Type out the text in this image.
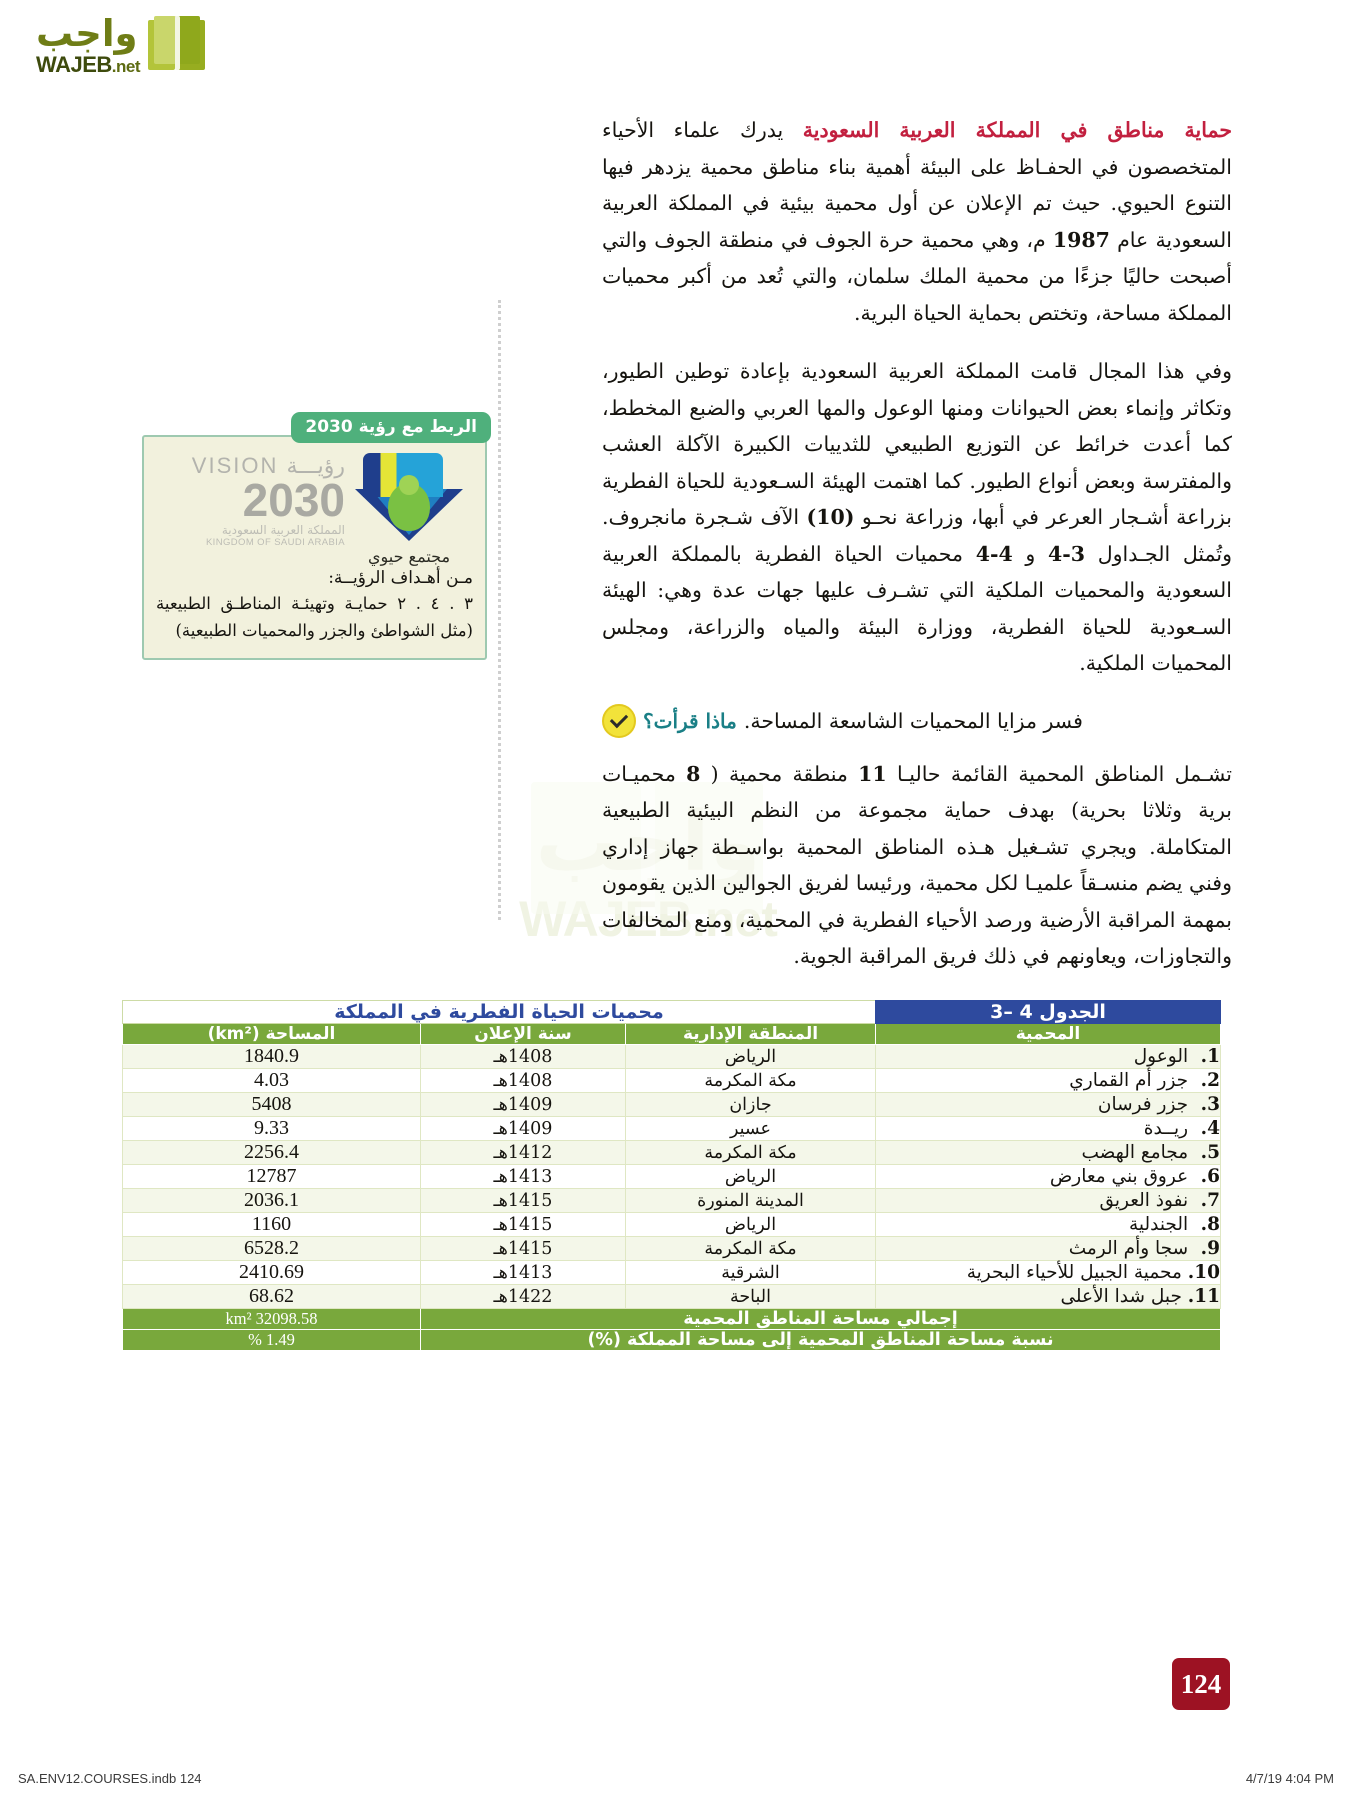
واجب
WAJEB.net
واجب
WAJEB.net

حماية مناطق في المملكة العربية السعودية يدرك علماء الأحياء المتخصصون في الحفـاظ على البيئة أهمية بناء مناطق محمية يزدهر فيها التنوع الحيوي. حيث تم الإعلان عن أول محمية بيئية في المملكة العربية السعودية عام 1987 م، وهي محمية حرة الجوف في منطقة الجوف والتي أصبحت حاليًا جزءًا من محمية الملك سلمان، والتي تُعد من أكبر محميات المملكة مساحة، وتختص بحماية الحياة البرية.

وفي هذا المجال قامت المملكة العربية السعودية بإعادة توطين الطيور، وتكاثر وإنماء بعض الحيوانات ومنها الوعول والمها العربي والضبع المخطط، كما أعدت خرائط عن التوزيع الطبيعي للثدييات الكبيرة الآكلة العشب والمفترسة وبعض أنواع الطيور. كما اهتمت الهيئة السـعودية للحياة الفطرية بزراعة أشـجار العرعر في أبها، وزراعة نحـو (10) الآف شـجرة مانجروف. وتُمثل الجـداول 3-4 و 4-4 محميات الحياة الفطرية بالمملكة العربية السعودية والمحميات الملكية التي تشـرف عليها جهات عدة وهي: الهيئة السـعودية للحياة الفطرية، ووزارة البيئة والمياه والزراعة، ومجلس المحميات الملكية.

ماذا قرأت؟ فسر مزايا المحميات الشاسعة المساحة.

تشـمل المناطق المحمية القائمة حاليـا 11 منطقة محمية ( 8 محميـات برية وثلاثا بحرية) بهدف حماية مجموعة من النظم البيئية الطبيعية المتكاملة. ويجري تشـغيل هـذه المناطق المحمية بواسـطة جهاز إداري وفني يضم منسـقاً علميـا لكل محمية، ورئيسا لفريق الجوالين الذين يقومون بمهمة المراقبة الأرضية ورصد الأحياء الفطرية في المحمية، ومنع المخالفات والتجاوزات، ويعاونهم في ذلك فريق المراقبة الجوية.

الربط مع رؤية 2030
مجتمع حيوي
VISION رؤيـــة
2030
المملكة العربية السعودية
KINGDOM OF SAUDI ARABIA
مـن أهـداف الرؤيــة:
٣ . ٤ . ٢ حمايـة وتهيئـة المناطـق الطبيعية (مثل الشواطئ والجزر والمحميات الطبيعية)
الجدول 4 –3	محميات الحياة الفطرية في المملكة		
المحمية	المنطقة الإدارية	سنة الإعلان	المساحة (km²)
1. الوعول	الرياض	1408هـ	1840.9
2. جزر أم القماري	مكة المكرمة	1408هـ	4.03
3. جزر فرسان	جازان	1409هـ	5408
4. ريــدة	عسير	1409هـ	9.33
5. مجامع الهضب	مكة المكرمة	1412هـ	2256.4
6. عروق بني معارض	الرياض	1413هـ	12787
7. نفوذ العريق	المدينة المنورة	1415هـ	2036.1
8. الجندلية	الرياض	1415هـ	1160
9. سجا وأم الرمث	مكة المكرمة	1415هـ	6528.2
10. محمية الجبيل للأحياء البحرية	الشرقية	1413هـ	2410.69
11. جبل شدا الأعلى	الباحة	1422هـ	68.62
إجمالي مساحة المناطق المحمية			32098.58 km²
نسبة مساحة المناطق المحمية إلى مساحة المملكة (%)			1.49 %
124
SA.ENV12.COURSES.indb 124	4/7/19 4:04 PM
